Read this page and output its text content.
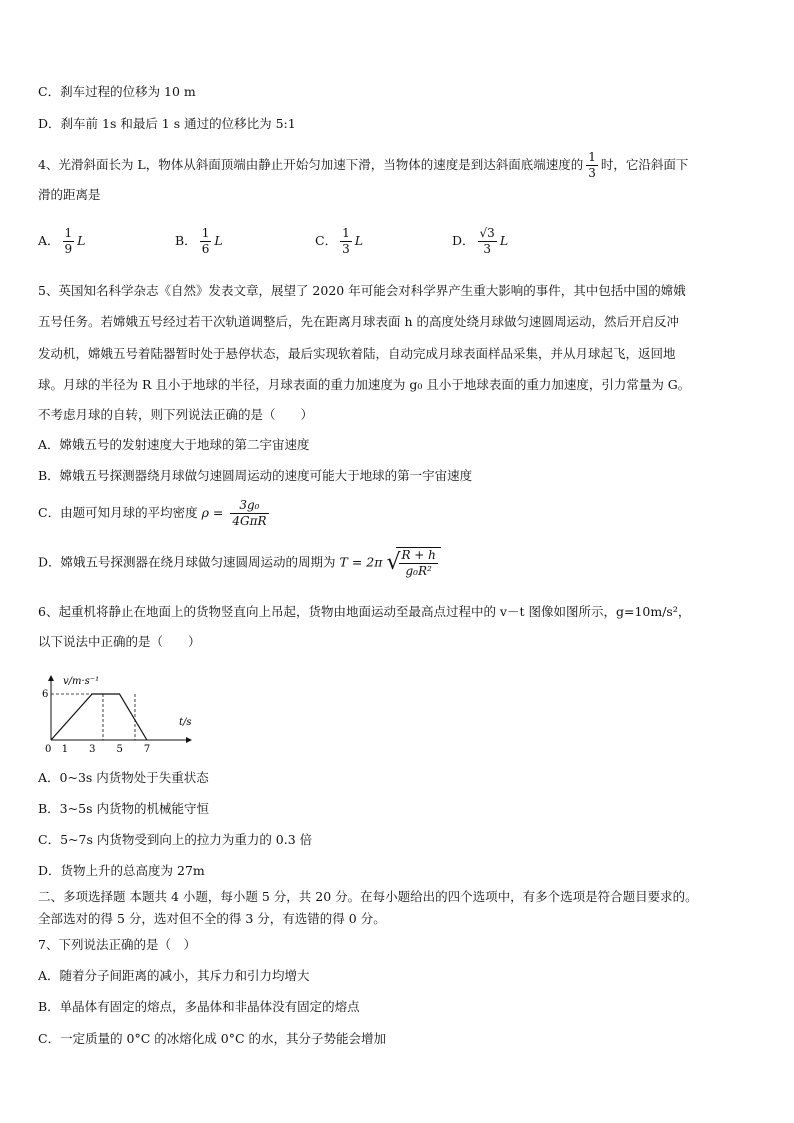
C．刹车过程的位移为 10 m
D．刹车前 1s 和最后 1 s 通过的位移比为 5:1
4、光滑斜面长为 L，物体从斜面顶端由静止开始匀加速下滑，当物体的速度是到达斜面底端速度的 $\frac{1}{3}$ 时，它沿斜面下
滑的距离是
A． $\frac{1}{9}$ L	B． $\frac{1}{6}$ L	C． $\frac{1}{3}$ L	D． $\frac{√3}{3}$ L
5、英国知名科学杂志《自然》发表文章，展望了 2020 年可能会对科学界产生重大影响的事件，其中包括中国的嫦娥
五号任务。若嫦娥五号经过若干次轨道调整后，先在距离月球表面 h 的高度处绕月球做匀速圆周运动，然后开启反冲
发动机，嫦娥五号着陆器暂时处于悬停状态，最后实现软着陆，自动完成月球表面样品采集，并从月球起飞，返回地
球。月球的半径为 R 且小于地球的半径，月球表面的重力加速度为 g₀ 且小于地球表面的重力加速度，引力常量为 G。
不考虑月球的自转，则下列说法正确的是（　　）
A．嫦娥五号的发射速度大于地球的第二宇宙速度
B．嫦娥五号探测器绕月球做匀速圆周运动的速度可能大于地球的第一宇宙速度
C．由题可知月球的平均密度 $\rho = \frac{\text{3g₀}}{\text{4GπR}}$
D．嫦娥五号探测器在绕月球做匀速圆周运动的周期为 T = 2π √
$\frac{R + h}{\text{g₀R²}}$
6、起重机将静止在地面上的货物竖直向上吊起，货物由地面运动至最高点过程中的 v－t 图像如图所示，g=10m/s²，
以下说法中正确的是（　　）
v/m·s⁻¹
t/s
6
0 1 3 5 7
A．0~3s 内货物处于失重状态
B．3~5s 内货物的机械能守恒
C．5~7s 内货物受到向上的拉力为重力的 0.3 倍
D．货物上升的总高度为 27m
二、多项选择题 本题共 4 小题，每小题 5 分，共 20 分。在每小题给出的四个选项中，有多个选项是符合题目要求的。
全部选对的得 5 分，选对但不全的得 3 分，有选错的得 0 分。
7、下列说法正确的是（　）
A．随着分子间距离的减小，其斥力和引力均增大
B．单晶体有固定的熔点，多晶体和非晶体没有固定的熔点
C．一定质量的 0°C 的冰熔化成 0°C 的水，其分子势能会增加
